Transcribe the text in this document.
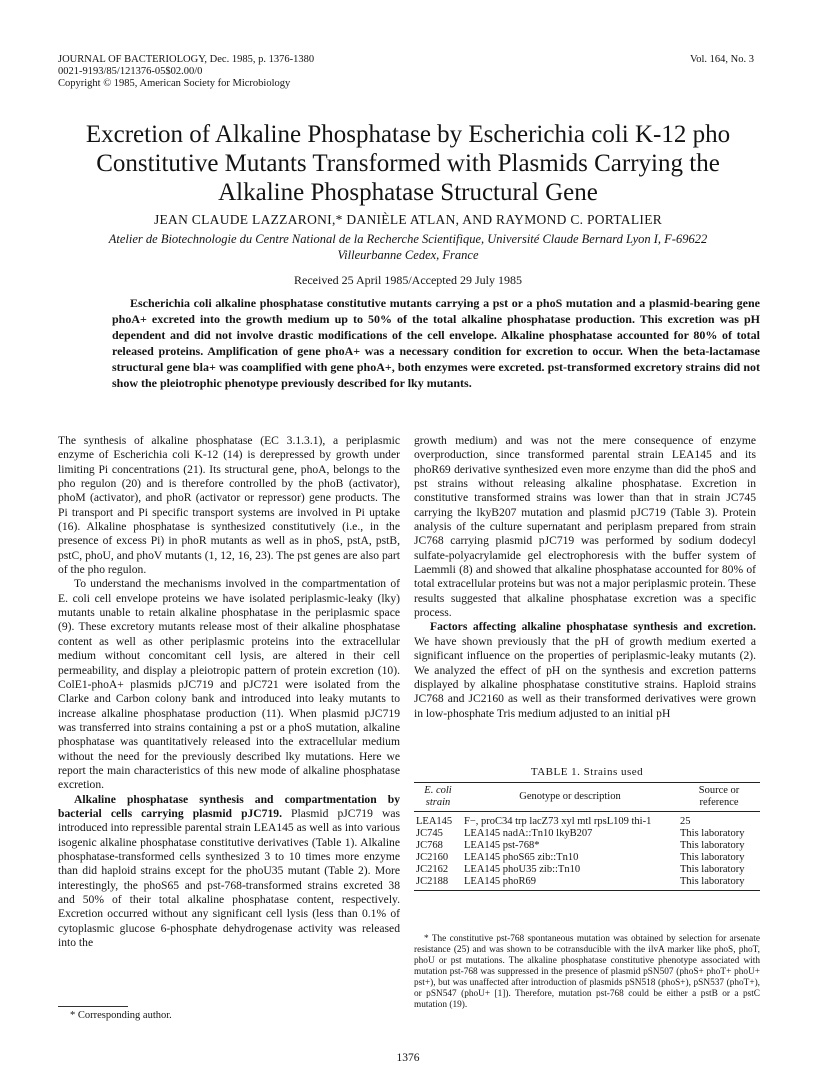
JOURNAL OF BACTERIOLOGY, Dec. 1985, p. 1376-1380
0021-9193/85/121376-05$02.00/0
Copyright © 1985, American Society for Microbiology
Vol. 164, No. 3
Excretion of Alkaline Phosphatase by Escherichia coli K-12 pho
Constitutive Mutants Transformed with Plasmids Carrying the
Alkaline Phosphatase Structural Gene
JEAN CLAUDE LAZZARONI,* DANIÈLE ATLAN, AND RAYMOND C. PORTALIER
Atelier de Biotechnologie du Centre National de la Recherche Scientifique, Université Claude Bernard Lyon I, F-69622
Villeurbanne Cedex, France
Received 25 April 1985/Accepted 29 July 1985

Escherichia coli alkaline phosphatase constitutive mutants carrying a pst or a phoS mutation and a plasmid-bearing gene phoA+ excreted into the growth medium up to 50% of the total alkaline phosphatase production. This excretion was pH dependent and did not involve drastic modifications of the cell envelope. Alkaline phosphatase accounted for 80% of total released proteins. Amplification of gene phoA+ was a necessary condition for excretion to occur. When the beta-lactamase structural gene bla+ was coamplified with gene phoA+, both enzymes were excreted. pst-transformed excretory strains did not show the pleiotrophic phenotype previously described for lky mutants.

The synthesis of alkaline phosphatase (EC 3.1.3.1), a periplasmic enzyme of Escherichia coli K-12 (14) is derepressed by growth under limiting Pi concentrations (21). Its structural gene, phoA, belongs to the pho regulon (20) and is therefore controlled by the phoB (activator), phoM (activator), and phoR (activator or repressor) gene products. The Pi transport and Pi specific transport systems are involved in Pi uptake (16). Alkaline phosphatase is synthesized constitutively (i.e., in the presence of excess Pi) in phoR mutants as well as in phoS, pstA, pstB, pstC, phoU, and phoV mutants (1, 12, 16, 23). The pst genes are also part of the pho regulon.

To understand the mechanisms involved in the compartmentation of E. coli cell envelope proteins we have isolated periplasmic-leaky (lky) mutants unable to retain alkaline phosphatase in the periplasmic space (9). These excretory mutants release most of their alkaline phosphatase content as well as other periplasmic proteins into the extracellular medium without concomitant cell lysis, are altered in their cell permeability, and display a pleiotropic pattern of protein excretion (10). ColE1-phoA+ plasmids pJC719 and pJC721 were isolated from the Clarke and Carbon colony bank and introduced into leaky mutants to increase alkaline phosphatase production (11). When plasmid pJC719 was transferred into strains containing a pst or a phoS mutation, alkaline phosphatase was quantitatively released into the extracellular medium without the need for the previously described lky mutations. Here we report the main characteristics of this new mode of alkaline phosphatase excretion.

Alkaline phosphatase synthesis and compartmentation by bacterial cells carrying plasmid pJC719. Plasmid pJC719 was introduced into repressible parental strain LEA145 as well as into various isogenic alkaline phosphatase constitutive derivatives (Table 1). Alkaline phosphatase-transformed cells synthesized 3 to 10 times more enzyme than did haploid strains except for the phoU35 mutant (Table 2). More interestingly, the phoS65 and pst-768-transformed strains excreted 38 and 50% of their total alkaline phosphatase content, respectively. Excretion occurred without any significant cell lysis (less than 0.1% of cytoplasmic glucose 6-phosphate dehydrogenase activity was released into the

* Corresponding author.

growth medium) and was not the mere consequence of enzyme overproduction, since transformed parental strain LEA145 and its phoR69 derivative synthesized even more enzyme than did the phoS and pst strains without releasing alkaline phosphatase. Excretion in constitutive transformed strains was lower than that in strain JC745 carrying the lkyB207 mutation and plasmid pJC719 (Table 3). Protein analysis of the culture supernatant and periplasm prepared from strain JC768 carrying plasmid pJC719 was performed by sodium dodecyl sulfate-polyacrylamide gel electrophoresis with the buffer system of Laemmli (8) and showed that alkaline phosphatase accounted for 80% of total extracellular proteins but was not a major periplasmic protein. These results suggested that alkaline phosphatase excretion was a specific process.

Factors affecting alkaline phosphatase synthesis and excretion. We have shown previously that the pH of growth medium exerted a significant influence on the properties of periplasmic-leaky mutants (2). We analyzed the effect of pH on the synthesis and excretion patterns displayed by alkaline phosphatase constitutive strains. Haploid strains JC768 and JC2160 as well as their transformed derivatives were grown in low-phosphate Tris medium adjusted to an initial pH

TABLE 1. Strains used
E. coli strain	Genotype or description	Source or reference
LEA145	F−, proC34 trp lacZ73 xyl mtl rpsL109 thi-1	25
JC745	LEA145 nadA::Tn10 lkyB207	This laboratory
JC768	LEA145 pst-768*	This laboratory
JC2160	LEA145 phoS65 zib::Tn10	This laboratory
JC2162	LEA145 phoU35 zib::Tn10	This laboratory
JC2188	LEA145 phoR69	This laboratory

* The constitutive pst-768 spontaneous mutation was obtained by selection for arsenate resistance (25) and was shown to be cotransducible with the ilvA marker like phoS, phoT, phoU or pst mutations. The alkaline phosphatase constitutive phenotype associated with mutation pst-768 was suppressed in the presence of plasmid pSN507 (phoS+ phoT+ phoU+ pst+), but was unaffected after introduction of plasmids pSN518 (phoS+), pSN537 (phoT+), or pSN547 (phoU+ [1]). Therefore, mutation pst-768 could be either a pstB or a pstC mutation (19).

1376
